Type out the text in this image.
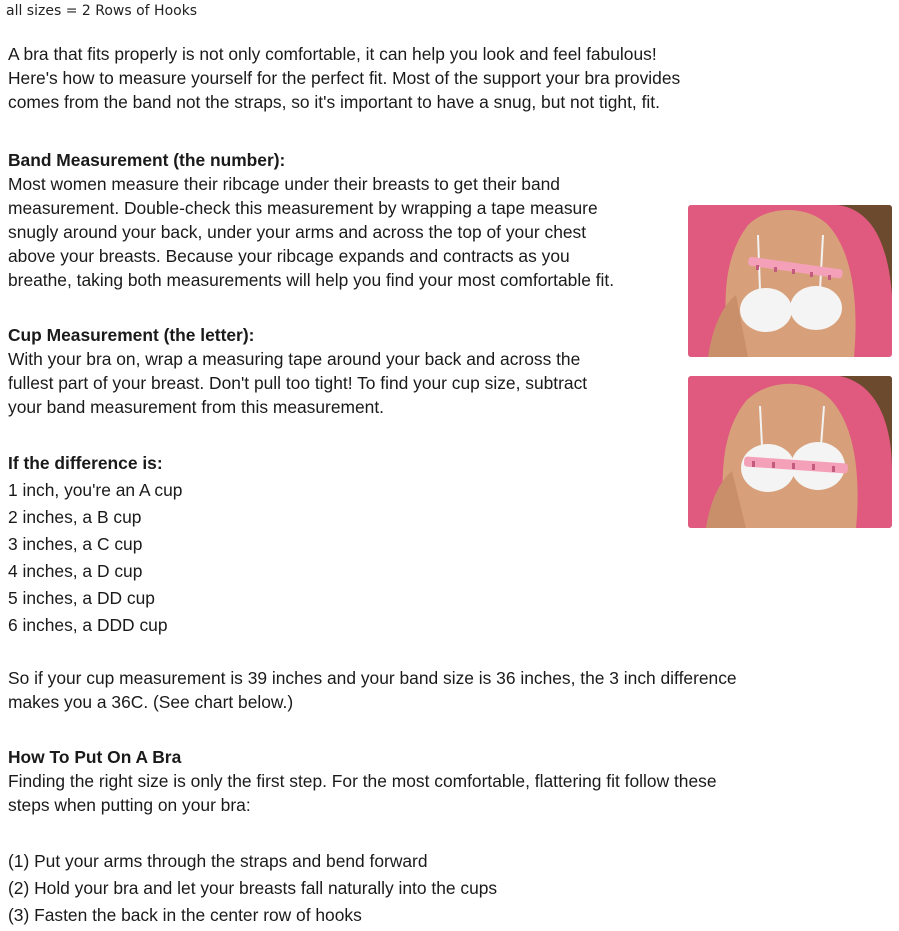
all sizes = 2 Rows of Hooks

A bra that fits properly is not only comfortable, it can help you look and feel fabulous!

Here's how to measure yourself for the perfect fit. Most of the support your bra provides

comes from the band not the straps, so it's important to have a snug, but not tight, fit.

Band Measurement (the number):

Most women measure their ribcage under their breasts to get their band

measurement. Double-check this measurement by wrapping a tape measure

snugly around your back, under your arms and across the top of your chest

above your breasts. Because your ribcage expands and contracts as you

breathe, taking both measurements will help you find your most comfortable fit.

Cup Measurement (the letter):

With your bra on, wrap a measuring tape around your back and across the

fullest part of your breast. Don't pull too tight! To find your cup size, subtract

your band measurement from this measurement.

If the difference is:

1 inch, you're an A cup

2 inches, a B cup

3 inches, a C cup

4 inches, a D cup

5 inches, a DD cup

6 inches, a DDD cup

So if your cup measurement is 39 inches and your band size is 36 inches, the 3 inch difference

makes you a 36C. (See chart below.)

How To Put On A Bra

Finding the right size is only the first step. For the most comfortable, flattering fit follow these

steps when putting on your bra:

(1) Put your arms through the straps and bend forward

(2) Hold your bra and let your breasts fall naturally into the cups

(3) Fasten the back in the center row of hooks
